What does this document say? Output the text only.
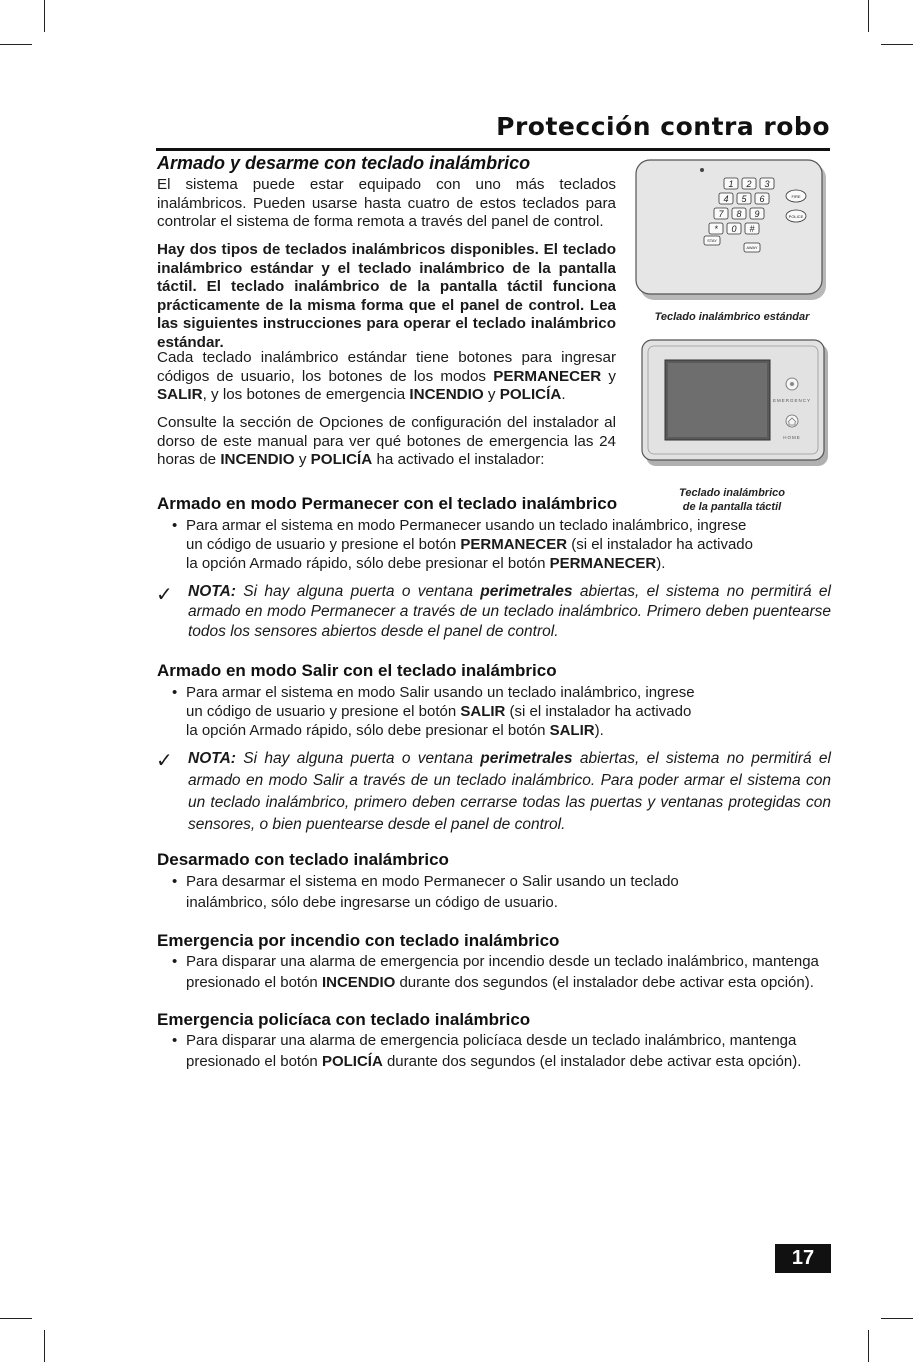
Protección contra robo
Armado y desarme con teclado inalámbrico
El sistema puede estar equipado con uno más teclados inalámbricos. Pueden usarse hasta cuatro de estos teclados para controlar el sistema de forma remota a través del panel de control.
Hay dos tipos de teclados inalámbricos disponibles. El teclado inalámbrico estándar y el teclado inalámbrico de la pantalla táctil. El teclado inalámbrico de la pantalla táctil funciona prácticamente de la misma forma que el panel de control. Lea las siguientes instrucciones para operar el teclado inalámbrico estándar.
Cada teclado inalámbrico estándar tiene botones para ingresar códigos de usuario, los botones de los modos PERMANECER y SALIR, y los botones de emergencia INCENDIO y POLICÍA.
Consulte la sección de Opciones de configuración del instalador al dorso de este manual para ver qué botones de emergencia las 24 horas de INCENDIO y POLICÍA ha activado el instalador:
1 2 3
4 5 6
7 8 9
* 0 #
FIRE
POLICE
STAY
AWAY
Teclado inalámbrico estándar
EMERGENCY
HOME
Teclado inalámbrico
de la pantalla táctil
Armado en modo Permanecer con el teclado inalámbrico
• Para armar el sistema en modo Permanecer usando un teclado inalámbrico, ingrese
un código de usuario y presione el botón PERMANECER (si el instalador ha activado
la opción Armado rápido, sólo debe presionar el botón PERMANECER).
✓ NOTA: Si hay alguna puerta o ventana perimetrales abiertas, el sistema no permitirá el armado en modo Permanecer a través de un teclado inalámbrico. Primero deben puentearse todos los sensores abiertos desde el panel de control.
Armado en modo Salir con el teclado inalámbrico
• Para armar el sistema en modo Salir usando un teclado inalámbrico, ingrese
un código de usuario y presione el botón SALIR (si el instalador ha activado
la opción Armado rápido, sólo debe presionar el botón SALIR).
✓ NOTA: Si hay alguna puerta o ventana perimetrales abiertas, el sistema no permitirá el armado en modo Salir a través de un teclado inalámbrico. Para poder armar el sistema con un teclado inalámbrico, primero deben cerrarse todas las puertas y ventanas protegidas con sensores, o bien puentearse desde el panel de control.
Desarmado con teclado inalámbrico
• Para desarmar el sistema en modo Permanecer o Salir usando un teclado
inalámbrico, sólo debe ingresarse un código de usuario.
Emergencia por incendio con teclado inalámbrico
• Para disparar una alarma de emergencia por incendio desde un teclado inalámbrico, mantenga
presionado el botón INCENDIO durante dos segundos (el instalador debe activar esta opción).
Emergencia policíaca con teclado inalámbrico
• Para disparar una alarma de emergencia policíaca desde un teclado inalámbrico, mantenga
presionado el botón POLICÍA durante dos segundos (el instalador debe activar esta opción).
17
